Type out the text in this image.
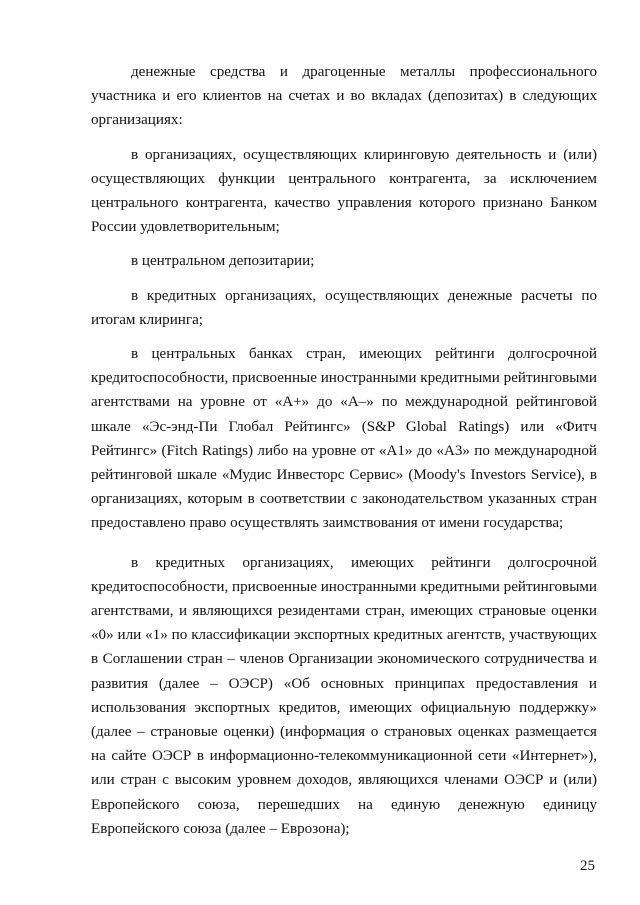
денежные средства и драгоценные металлы профессионального участника и его клиентов на счетах и во вкладах (депозитах) в следующих организациях:

в организациях, осуществляющих клиринговую деятельность и (или) осуществляющих функции центрального контрагента, за исключением центрального контрагента, качество управления которого признано Банком России удовлетворительным;

в центральном депозитарии;

в кредитных организациях, осуществляющих денежные расчеты по итогам клиринга;

в центральных банках стран, имеющих рейтинги долгосрочной кредитоспособности, присвоенные иностранными кредитными рейтинговыми агентствами на уровне от «А+» до «А–» по международной рейтинговой шкале «Эс-энд-Пи Глобал Рейтингс» (S&P Global Ratings) или «Фитч Рейтингс» (Fitch Ratings) либо на уровне от «А1» до «А3» по международной рейтинговой шкале «Мудис Инвесторс Сервис» (Moody's Investors Service), в организациях, которым в соответствии с законодательством указанных стран предоставлено право осуществлять заимствования от имени государства;

в кредитных организациях, имеющих рейтинги долгосрочной кредитоспособности, присвоенные иностранными кредитными рейтинговыми агентствами, и являющихся резидентами стран, имеющих страновые оценки «0» или «1» по классификации экспортных кредитных агентств, участвующих в Соглашении стран – членов Организации экономического сотрудничества и развития (далее – ОЭСР) «Об основных принципах предоставления и использования экспортных кредитов, имеющих официальную поддержку» (далее – страновые оценки) (информация о страновых оценках размещается на сайте ОЭСР в информационно-телекоммуникационной сети «Интернет»), или стран с высоким уровнем доходов, являющихся членами ОЭСР и (или) Европейского союза, перешедших на единую денежную единицу Европейского союза (далее – Еврозона);

25
